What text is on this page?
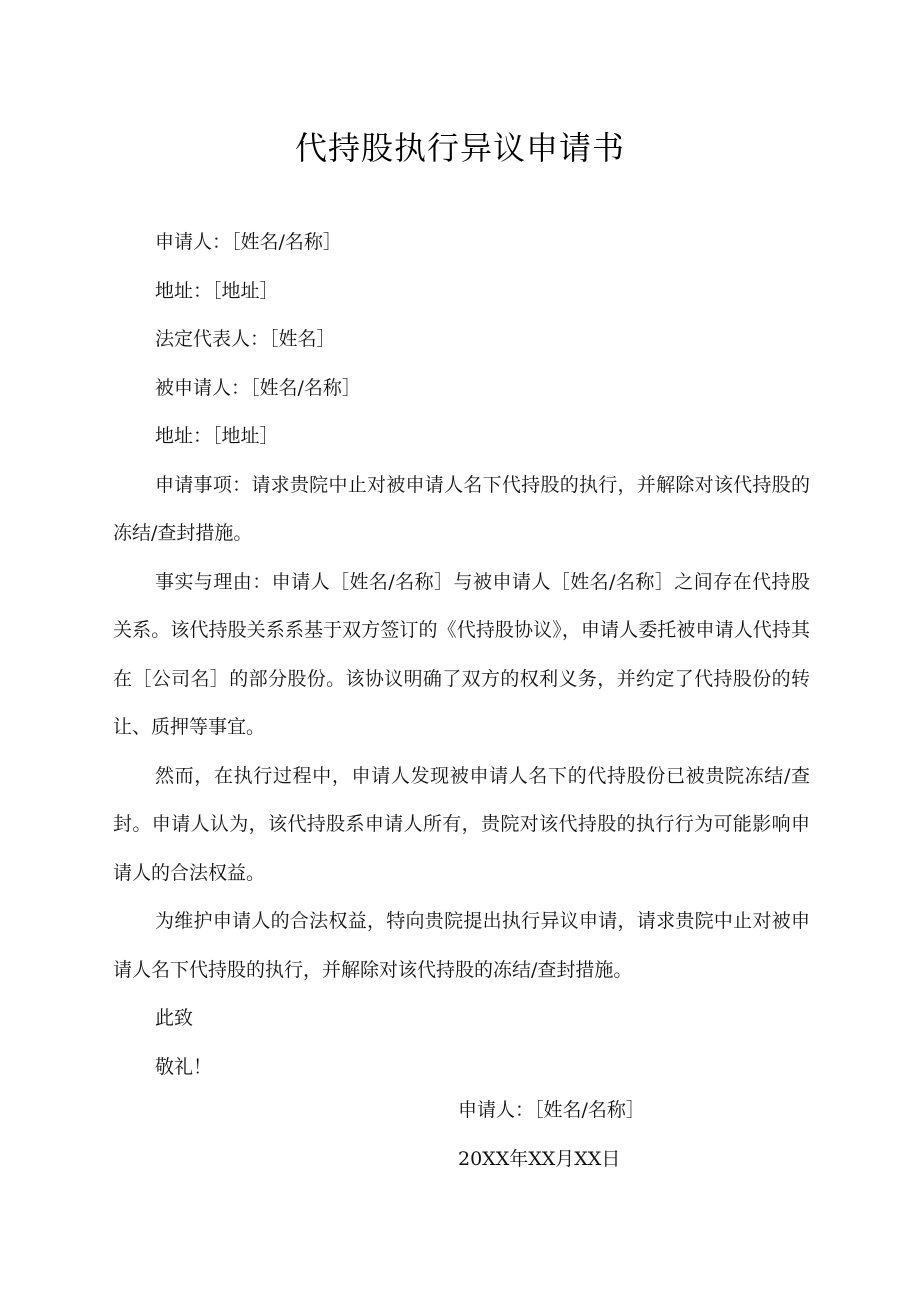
代持股执行异议申请书

申请人：［姓名/名称］

地址：［地址］

法定代表人：［姓名］

被申请人：［姓名/名称］

地址：［地址］

申请事项：请求贵院中止对被申请人名下代持股的执行，并解除对该代持股的冻结/查封措施。

事实与理由：申请人［姓名/名称］与被申请人［姓名/名称］之间存在代持股关系。该代持股关系系基于双方签订的《代持股协议》，申请人委托被申请人代持其在［公司名］的部分股份。该协议明确了双方的权利义务，并约定了代持股份的转让、质押等事宜。

然而，在执行过程中，申请人发现被申请人名下的代持股份已被贵院冻结/查封。申请人认为，该代持股系申请人所有，贵院对该代持股的执行行为可能影响申请人的合法权益。

为维护申请人的合法权益，特向贵院提出执行异议申请，请求贵院中止对被申请人名下代持股的执行，并解除对该代持股的冻结/查封措施。

此致

敬礼！

申请人：［姓名/名称］

20XX年XX月XX日
